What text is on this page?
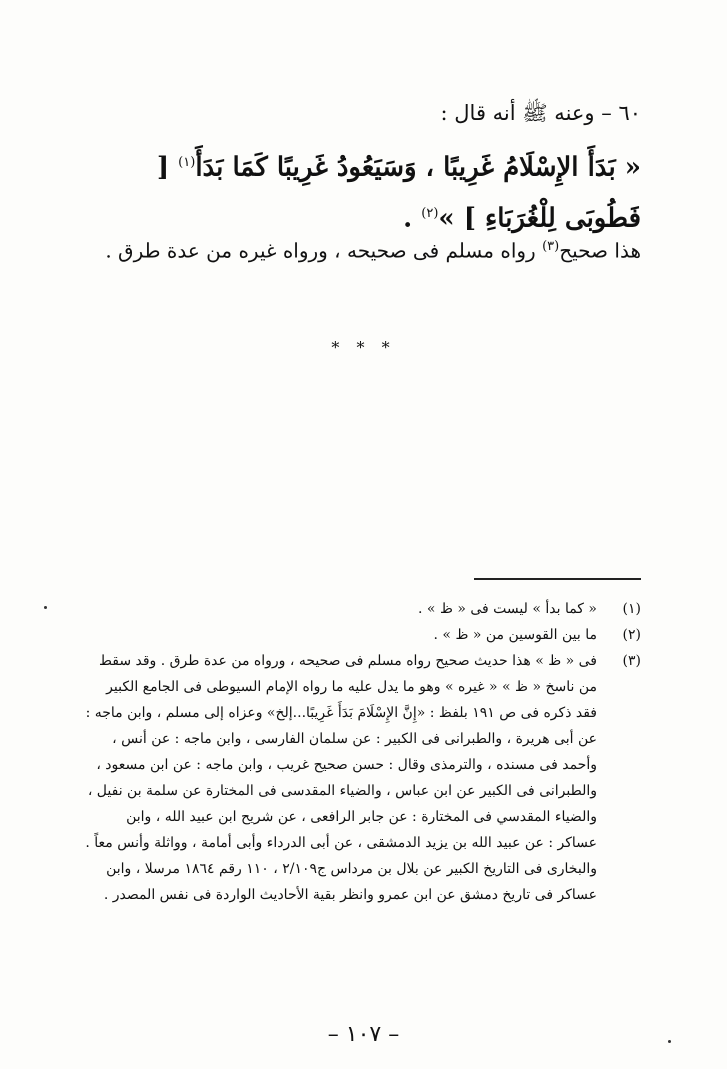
٦٠ – وعنه ﷺ أنه قال :
« بَدَأَ الإِسْلَامُ غَرِيبًا ، وَسَيَعُودُ غَرِيبًا كَمَا بَدَأَ$^{(١)}$ [ فَطُوبَى لِلْغُرَبَاءِ ] »$^{(٢)}$ .
هذا صحيح$^{(٣)}$ رواه مسلم فى صحيحه ، ورواه غيره من عدة طرق .
* * *

(١)
« كما بدأ » ليست فى « ظ » .

(٢)
ما بين القوسين من « ظ » .

(٣)
فى « ظ » هذا حديث صحيح رواه مسلم فى صحيحه ، ورواه من عدة طرق . وقد سقط من ناسخ « ظ » « غيره » وهو ما يدل عليه ما رواه الإمام السيوطى فى الجامع الكبير فقد ذكره فى ص ١٩١ بلفظ : «إِنَّ الإِسْلَامَ بَدَأَ غَرِيبًا...إلخ» وعزاه إلى مسلم ، وابن ماجه : عن أبى هريرة ، والطبرانى فى الكبير : عن سلمان الفارسى ، وابن ماجه : عن أنس ، وأحمد فى مسنده ، والترمذى وقال : حسن صحيح غريب ، وابن ماجه : عن ابن مسعود ، والطبرانى فى الكبير عن ابن عباس ، والضياء المقدسى فى المختارة عن سلمة بن نفيل ، والضياء المقدسي فى المختارة : عن جابر الرافعى ، عن شريح ابن عبيد الله ، وابن عساكر : عن عبيد الله بن يزيد الدمشقى ، عن أبى الدرداء وأبى أمامة ، وواثلة وأنس معاً . والبخارى فى التاريخ الكبير عن بلال بن مرداس ج٢/١٠٩ ، ١١٠ رقم ١٨٦٤ مرسلا ، وابن عساكر فى تاريخ دمشق عن ابن عمرو وانظر بقية الأحاديث الواردة فى نفس المصدر .

– ١٠٧ –
